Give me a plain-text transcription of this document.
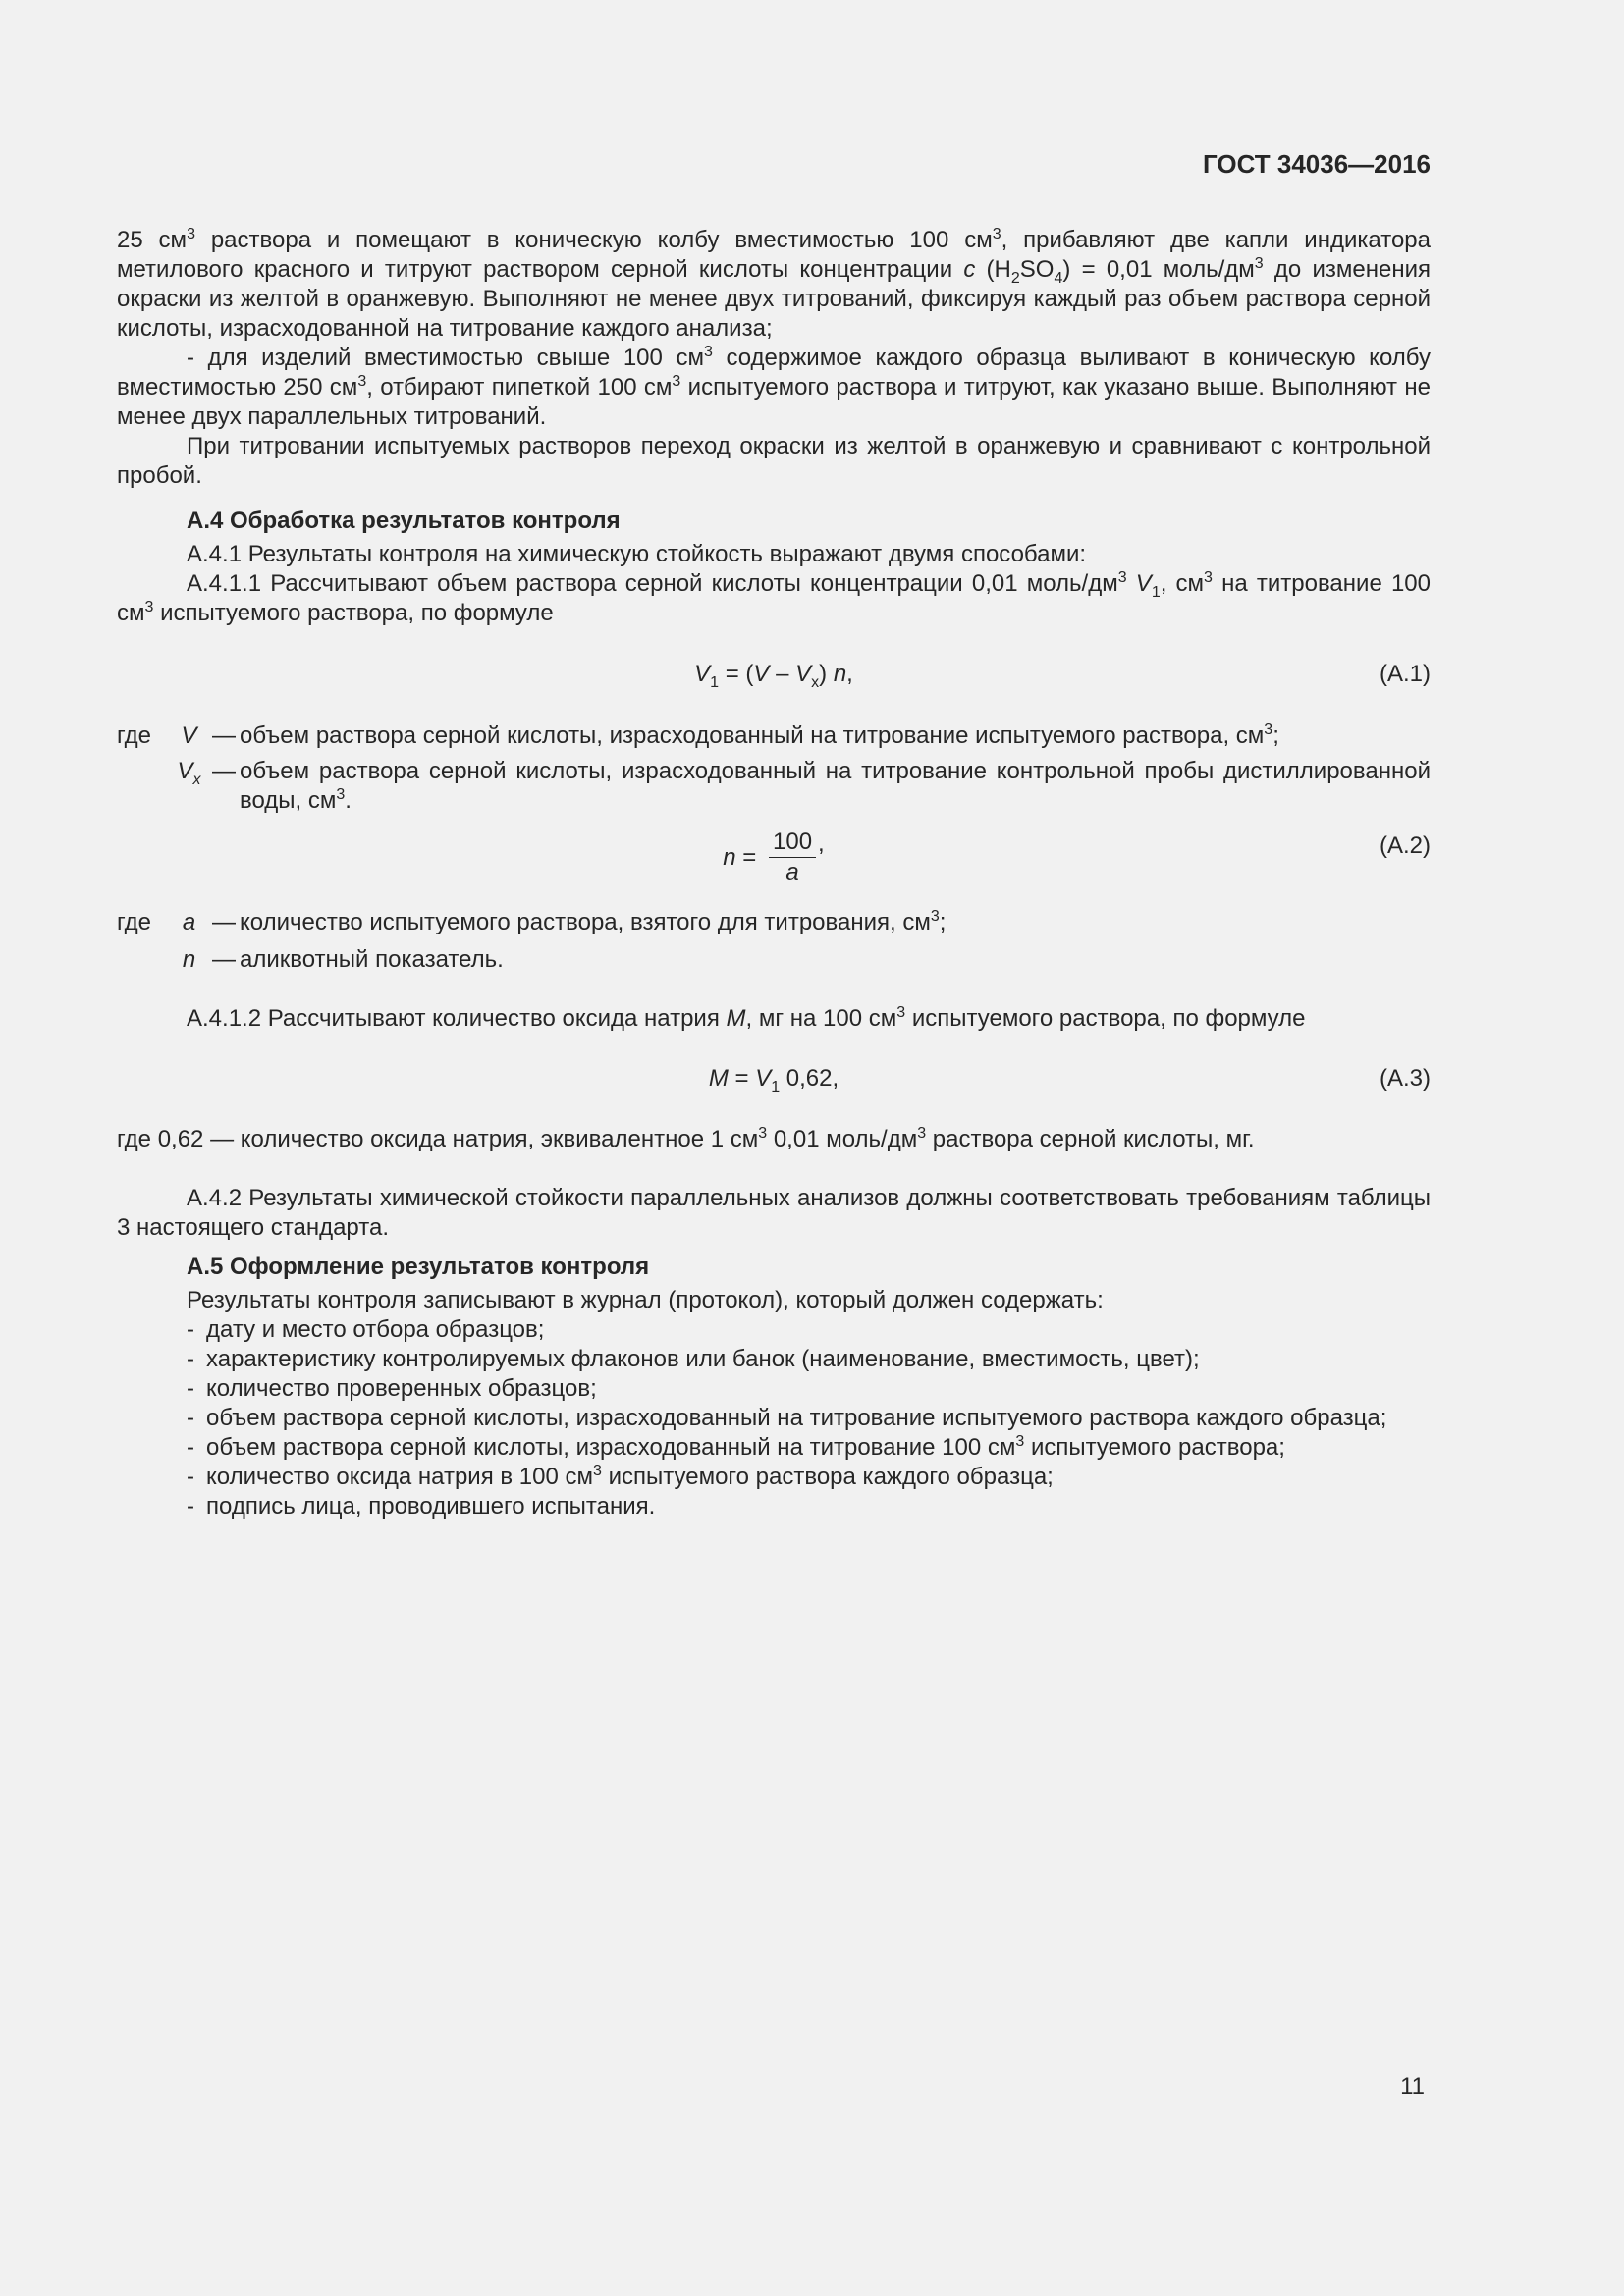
ГОСТ 34036—2016

25 $см^3$ раствора и помещают в коническую колбу вместимостью 100 $см^3$, прибавляют две капли индикатора метилового красного и титруют раствором серной кислоты концентрации c $(H_2SO_4) = 0,01$ моль/$дм^3$ до изменения окраски из желтой в оранжевую. Выполняют не менее двух титрований, фиксируя каждый раз объем раствора серной кислоты, израсходованной на титрование каждого анализа;

- для изделий вместимостью свыше 100 $см^3$ содержимое каждого образца выливают в коническую колбу вместимостью 250 $см^3$, отбирают пипеткой 100 $см^3$ испытуемого раствора и титруют, как указано выше. Выполняют не менее двух параллельных титрований.

При титровании испытуемых растворов переход окраски из желтой в оранжевую и сравнивают с контрольной пробой.

А.4 Обработка результатов контроля

А.4.1 Результаты контроля на химическую стойкость выражают двумя способами:

А.4.1.1 Рассчитывают объем раствора серной кислоты концентрации 0,01 моль/$дм^3$ $V_1$, $см^3$ на титрование 100 $см^3$ испытуемого раствора, по формуле

$V_1 = (V - V_x)$ n,	(А.1)
где	V — объем раствора серной кислоты, израсходованный на титрование испытуемого раствора, $см^3$;
$V_x$ — объем раствора серной кислоты, израсходованный на титрование контрольной пробы дистиллированной воды, $см^3$.
$n = \frac{100}{a}$ ,	(А.2)
где	a — количество испытуемого раствора, взятого для титрования, $см^3$;
n — аликвотный показатель.

А.4.1.2 Рассчитывают количество оксида натрия M, мг на 100 $см^3$ испытуемого раствора, по формуле

$M = V_1$ 0,62,	(А.3)

где 0,62 — количество оксида натрия, эквивалентное 1 $см^3$ 0,01 моль/$дм^3$ раствора серной кислоты, мг.

А.4.2 Результаты химической стойкости параллельных анализов должны соответствовать требованиям таблицы 3 настоящего стандарта.

А.5 Оформление результатов контроля

Результаты контроля записывают в журнал (протокол), который должен содержать:

- дату и место отбора образцов;
- характеристику контролируемых флаконов или банок (наименование, вместимость, цвет);
- количество проверенных образцов;
- объем раствора серной кислоты, израсходованный на титрование испытуемого раствора каждого образца;
- объем раствора серной кислоты, израсходованный на титрование 100 $см^3$ испытуемого раствора;
- количество оксида натрия в 100 $см^3$ испытуемого раствора каждого образца;
- подпись лица, проводившего испытания.
11
